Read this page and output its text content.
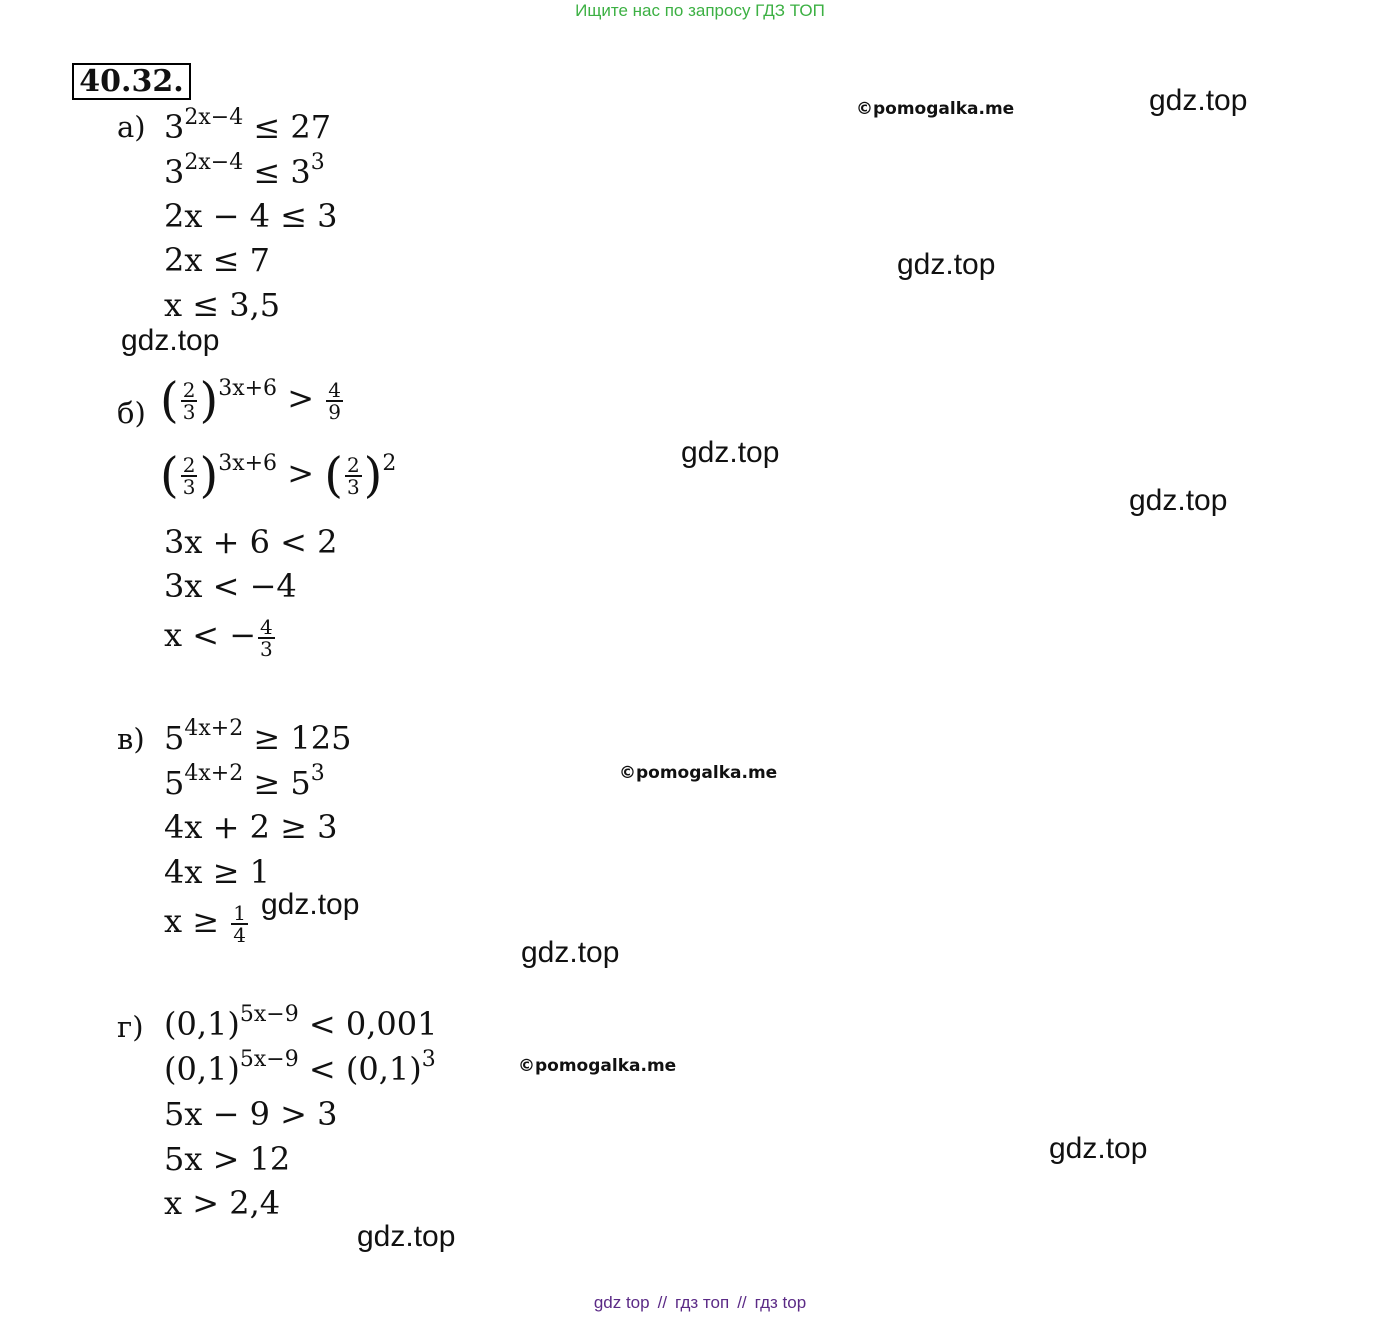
Ищите нас по запросу ГДЗ ТОП
40.32.
а) $3^{2x-4} \le 27$
$3^{2x-4} \le 3^3$
2x − 4 ≤ 3
2x ≤ 7
x ≤ 3,5
б) ( $\frac{2}{3} )^{3x+6} > \frac{4}{9}$
( $\frac{2}{3} )^{3x+6}$ > ( $\frac{2}{3} )^2$
3x + 6 < 2
3x < −4
x < − $\frac{4}{3}$
в) $5^{4x+2} \ge 125$
$5^{4x+2} \ge 5^3$
4x + 2 ≥ 3
4x ≥ 1
$x \ge \frac{1}{4}$
г) $(0,1)^{5x-9} < 0,001$
$(0,1)^{5x-9} < (0,1)^3$
5x − 9 > 3
5x > 12
x > 2,4
gdz.top
gdz.top
gdz.top
gdz.top
gdz.top
gdz.top
gdz.top
gdz.top
gdz.top
©pomogalka.me
©pomogalka.me
©pomogalka.me
gdz top // гдз топ // гдз top
